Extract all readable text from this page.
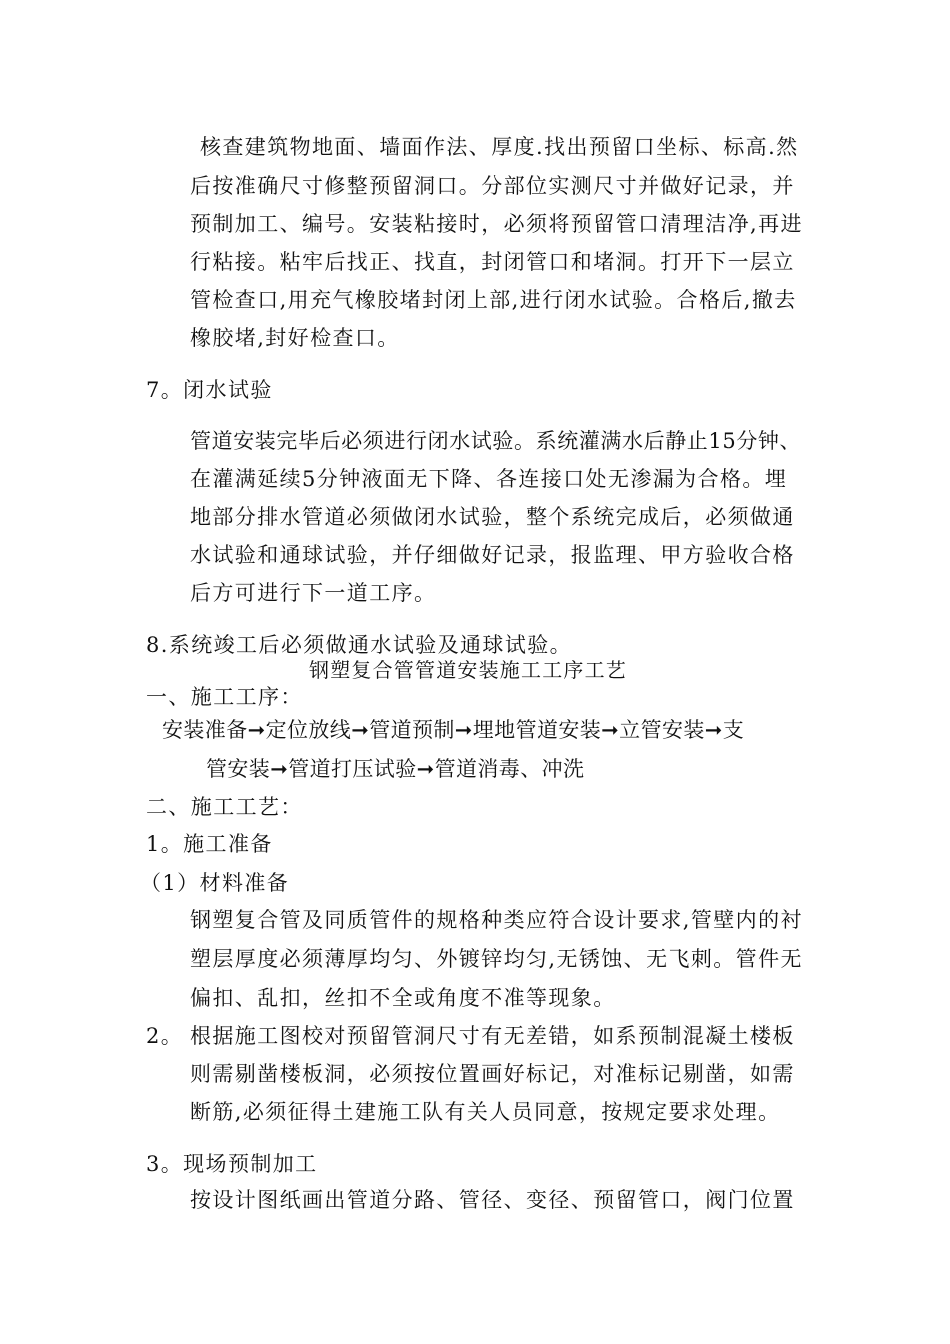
核查建筑物地面、墙面作法、厚度.找出预留口坐标、标高.然
后按准确尺寸修整预留洞口。分部位实测尺寸并做好记录，并
预制加工、编号。安装粘接时，必须将预留管口清理洁净,再进
行粘接。粘牢后找正、找直，封闭管口和堵洞。打开下一层立
管检查口,用充气橡胶堵封闭上部,进行闭水试验。合格后,撤去
橡胶堵,封好检查口。
7。闭水试验
管道安装完毕后必须进行闭水试验。系统灌满水后静止15分钟、
在灌满延续5分钟液面无下降、各连接口处无渗漏为合格。埋
地部分排水管道必须做闭水试验，整个系统完成后，必须做通
水试验和通球试验，并仔细做好记录，报监理、甲方验收合格
后方可进行下一道工序。
8.系统竣工后必须做通水试验及通球试验。
钢塑复合管管道安装施工工序工艺
一、施工工序：
安装准备➞定位放线➞管道预制➞埋地管道安装➞立管安装➞支
管安装➞管道打压试验➞管道消毒、冲洗
二、施工工艺：
1。施工准备
（1）材料准备
钢塑复合管及同质管件的规格种类应符合设计要求,管壁内的衬
塑层厚度必须薄厚均匀、外镀锌均匀,无锈蚀、无飞刺。管件无
偏扣、乱扣，丝扣不全或角度不准等现象。
2。 根据施工图校对预留管洞尺寸有无差错，如系预制混凝土楼板
则需剔凿楼板洞，必须按位置画好标记，对准标记剔凿，如需
断筋,必须征得土建施工队有关人员同意，按规定要求处理。
3。现场预制加工
按设计图纸画出管道分路、管径、变径、预留管口，阀门位置
